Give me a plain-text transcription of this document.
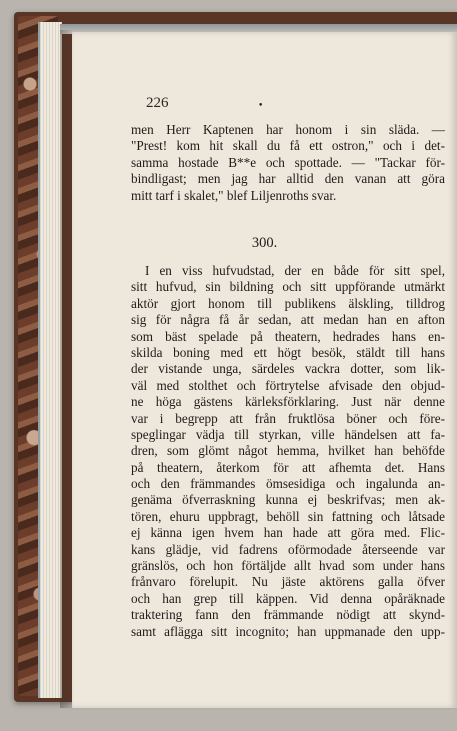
226	•
men Herr Kaptenen har honom i sin släda. —
"Prest! kom hit skall du få ett ostron," och i det-
samma hostade B**e och spottade. — "Tackar för-
bindligast; men jag har alltid den vanan att göra
mitt tarf i skalet," blef Liljenroths svar.
300.
I en viss hufvudstad, der en både för sitt spel,
sitt hufvud, sin bildning och sitt uppförande utmärkt
aktör gjort honom till publikens älskling, tilldrog
sig för några få år sedan, att medan han en afton
som bäst spelade på theatern, hedrades hans en-
skilda boning med ett högt besök, stäldt till hans
der vistande unga, särdeles vackra dotter, som lik-
väl med stolthet och förtrytelse afvisade den objud-
ne höga gästens kärleksförklaring. Just när denne
var i begrepp att från fruktlösa böner och före-
speglingar vädja till styrkan, ville händelsen att fa-
dren, som glömt något hemma, hvilket han behöfde
på theatern, återkom för att afhemta det. Hans
och den främmandes ömsesidiga och ingalunda an-
genäma öfverraskning kunna ej beskrifvas; men ak-
tören, ehuru uppbragt, behöll sin fattning och låtsade
ej känna igen hvem han hade att göra med. Flic-
kans glädje, vid fadrens oförmodade återseende var
gränslös, och hon förtäljde allt hvad som under hans
frånvaro förelupit. Nu jäste aktörens galla öfver
och han grep till käppen. Vid denna opåräknade
traktering fann den främmande nödigt att skynd-
samt aflägga sitt incognito; han uppmanade den upp-
